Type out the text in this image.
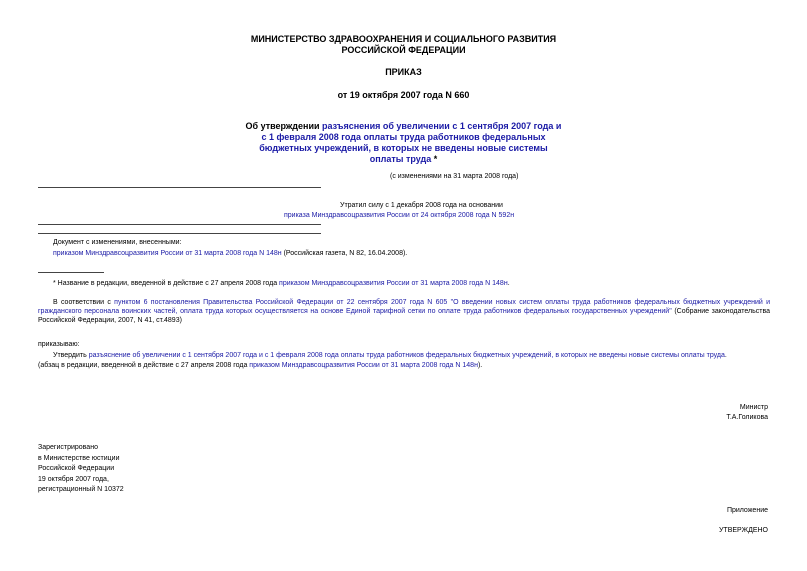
МИНИСТЕРСТВО ЗДРАВООХРАНЕНИЯ И СОЦИАЛЬНОГО РАЗВИТИЯ
РОССИЙСКОЙ ФЕДЕРАЦИИ
ПРИКАЗ
от 19 октября 2007 года N 660
Об утверждении разъяснения об увеличении с 1 сентября 2007 года и
с 1 февраля 2008 года оплаты труда работников федеральных
бюджетных учреждений, в которых не введены новые системы
оплаты труда *
(с изменениями на 31 марта 2008 года)
Утратил силу с 1 декабря 2008 года на основании
приказа Минздравсоцразвития России от 24 октября 2008 года N 592н
Документ с изменениями, внесенными:
приказом Минздравсоцразвития России от 31 марта 2008 года N 148н (Российская газета, N 82, 16.04.2008).
* Название в редакции, введенной в действие с 27 апреля 2008 года приказом Минздравсоцразвития России от 31 марта 2008 года N 148н.
В соответствии с пунктом 6 постановления Правительства Российской Федерации от 22 сентября 2007 года N 605 "О введении новых систем оплаты труда работников федеральных бюджетных учреждений и гражданского персонала воинских частей, оплата труда которых осуществляется на основе Единой тарифной сетки по оплате труда работников федеральных государственных учреждений" (Собрание законодательства Российской Федерации, 2007, N 41, ст.4893)
приказываю:
Утвердить разъяснение об увеличении с 1 сентября 2007 года и с 1 февраля 2008 года оплаты труда работников федеральных бюджетных учреждений, в которых не введены новые системы оплаты труда.
(абзац в редакции, введенной в действие с 27 апреля 2008 года приказом Минздравсоцразвития России от 31 марта 2008 года N 148н).
Министр
Т.А.Голикова
Зарегистрировано
в Министерстве юстиции
Российской Федерации
19 октября 2007 года,
регистрационный N 10372
Приложение
УТВЕРЖДЕНО
